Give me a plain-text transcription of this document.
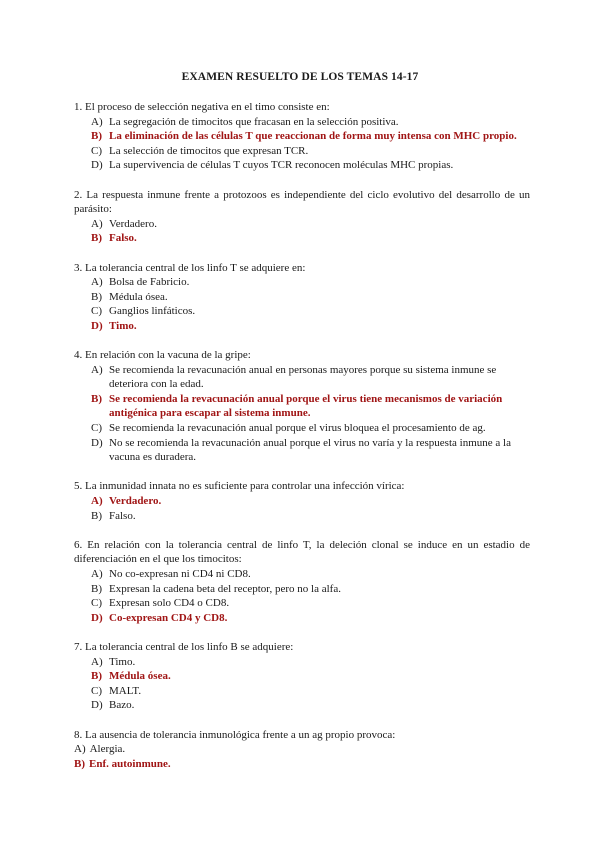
EXAMEN RESUELTO DE LOS TEMAS 14-17
1. El proceso de selección negativa en el timo consiste en:
A) La segregación de timocitos que fracasan en la selección positiva.
B) La eliminación de las células T que reaccionan de forma muy intensa con MHC propio.
C) La selección de timocitos que expresan TCR.
D) La supervivencia de células T cuyos TCR reconocen moléculas MHC propias.
2. La respuesta inmune frente a protozoos es independiente del ciclo evolutivo del desarrollo de un parásito:
A) Verdadero.
B) Falso.
3. La tolerancia central de los linfo T se adquiere en:
A) Bolsa de Fabricio.
B) Médula ósea.
C) Ganglios linfáticos.
D) Timo.
4. En relación con la vacuna de la gripe:
A) Se recomienda la revacunación anual en personas mayores porque su sistema inmune se deteriora con la edad.
B) Se recomienda la revacunación anual porque el virus tiene mecanismos de variación antigénica para escapar al sistema inmune.
C) Se recomienda la revacunación anual porque el virus bloquea el procesamiento de ag.
D) No se recomienda la revacunación anual porque el virus no varía y la respuesta inmune a la vacuna es duradera.
5. La inmunidad innata no es suficiente para controlar una infección vírica:
A) Verdadero.
B) Falso.
6. En relación con la tolerancia central de linfo T, la deleción clonal se induce en un estadio de diferenciación en el que los timocitos:
A) No co-expresan ni CD4 ni CD8.
B) Expresan la cadena beta del receptor, pero no la alfa.
C) Expresan solo CD4 o CD8.
D) Co-expresan CD4 y CD8.
7. La tolerancia central de los linfo B se adquiere:
A) Timo.
B) Médula ósea.
C) MALT.
D) Bazo.
8. La ausencia de tolerancia inmunológica frente a un ag propio provoca:
A) Alergia.
B) Enf. autoinmune.
